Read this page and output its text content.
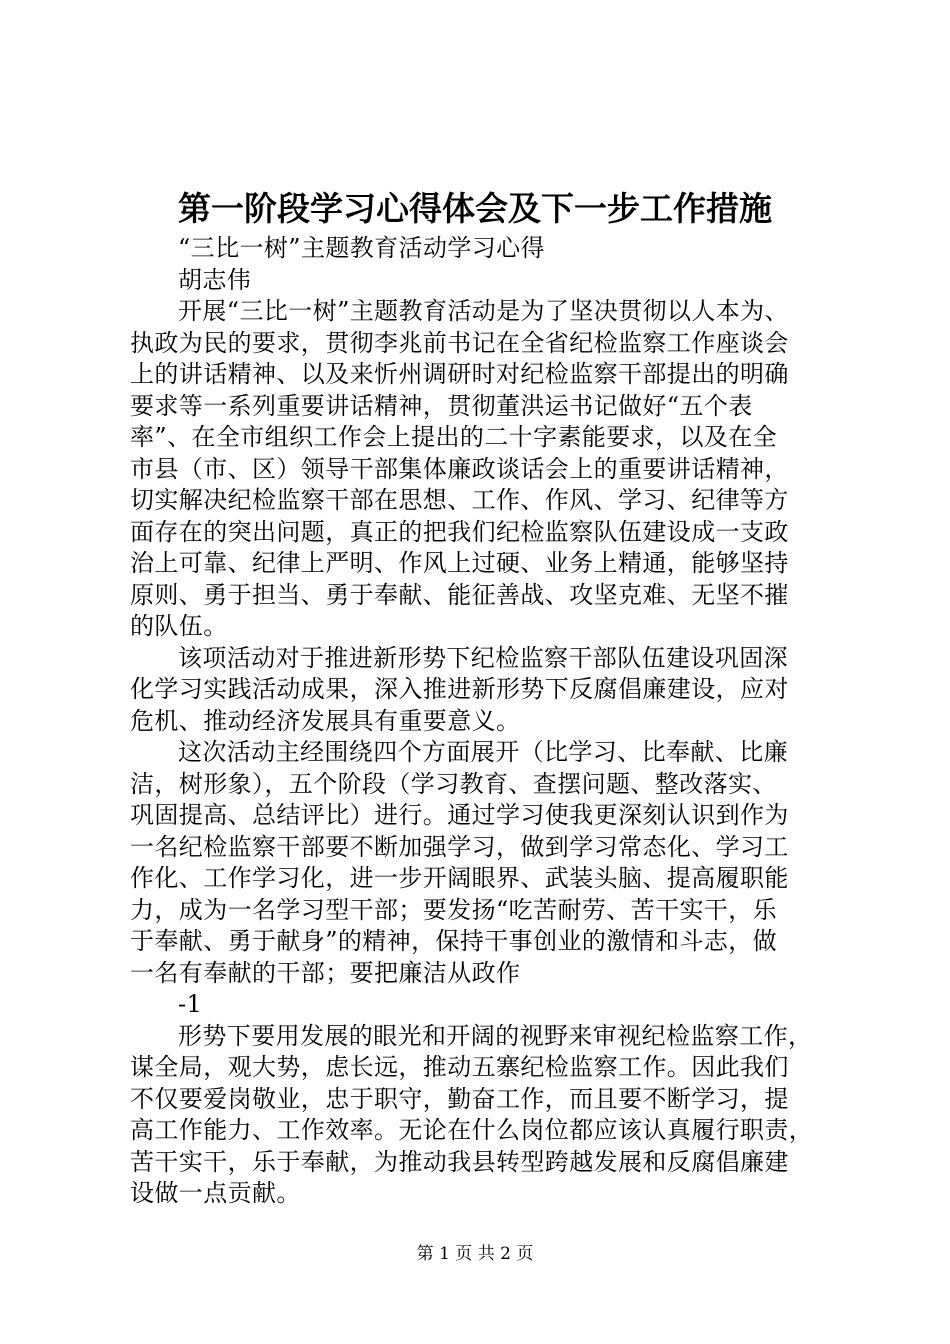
第一阶段学习心得体会及下一步工作措施
“三比一树”主题教育活动学习心得
胡志伟
开展“三比一树”主题教育活动是为了坚决贯彻以人本为、
执政为民的要求，贯彻李兆前书记在全省纪检监察工作座谈会
上的讲话精神、以及来忻州调研时对纪检监察干部提出的明确
要求等一系列重要讲话精神，贯彻董洪运书记做好“五个表
率”、在全市组织工作会上提出的二十字素能要求，以及在全
市县（市、区）领导干部集体廉政谈话会上的重要讲话精神，
切实解决纪检监察干部在思想、工作、作风、学习、纪律等方
面存在的突出问题，真正的把我们纪检监察队伍建设成一支政
治上可靠、纪律上严明、作风上过硬、业务上精通，能够坚持
原则、勇于担当、勇于奉献、能征善战、攻坚克难、无坚不摧
的队伍。
该项活动对于推进新形势下纪检监察干部队伍建设巩固深
化学习实践活动成果，深入推进新形势下反腐倡廉建设，应对
危机、推动经济发展具有重要意义。
这次活动主经围绕四个方面展开（比学习、比奉献、比廉
洁，树形象），五个阶段（学习教育、查摆问题、整改落实、
巩固提高、总结评比）进行。通过学习使我更深刻认识到作为
一名纪检监察干部要不断加强学习，做到学习常态化、学习工
作化、工作学习化，进一步开阔眼界、武装头脑、提高履职能
力，成为一名学习型干部；要发扬“吃苦耐劳、苦干实干，乐
于奉献、勇于献身”的精神，保持干事创业的激情和斗志，做
一名有奉献的干部；要把廉洁从政作
-1
形势下要用发展的眼光和开阔的视野来审视纪检监察工作，
谋全局，观大势，虑长远，推动五寨纪检监察工作。因此我们
不仅要爱岗敬业，忠于职守，勤奋工作，而且要不断学习，提
高工作能力、工作效率。无论在什么岗位都应该认真履行职责，
苦干实干，乐于奉献，为推动我县转型跨越发展和反腐倡廉建
设做一点贡献。
第 1 页 共 2 页
